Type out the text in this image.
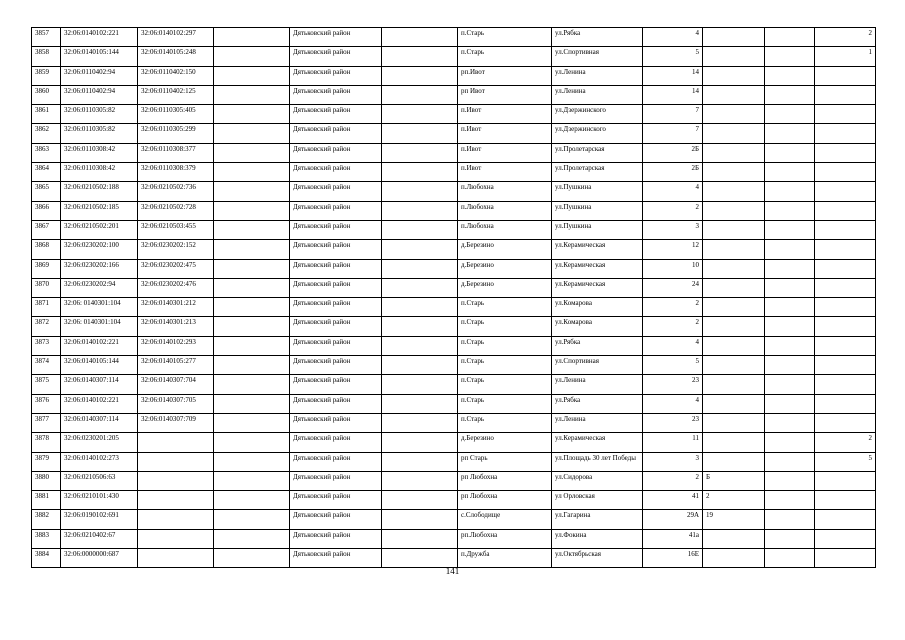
3857	32:06:0140102:221	32:06:0140102:297		Дятьковский район		п.Старь	ул.Рябка	4			2
3858	32:06:0140105:144	32:06:0140105:248		Дятьковский район		п.Старь	ул.Спортивная	5			1
3859	32:06:0110402:94	32:06:0110402:150		Дятьковский район		рп.Ивот	ул.Ленина	14			
3860	32:06:0110402:94	32:06:0110402:125		Дятьковский район		рп Ивот	ул.Ленина	14			
3861	32:06:0110305:82	32:06:0110305:405		Дятьковский район		п.Ивот	ул.Дзержинского	7			
3862	32:06:0110305:82	32:06:0110305:299		Дятьковский район		п.Ивот	ул.Дзержинского	7			
3863	32:06:0110308:42	32:06:0110308:377		Дятьковский район		п.Ивот	ул.Пролетарская	2Б			
3864	32:06:0110308:42	32:06:0110308:379		Дятьковский район		п.Ивот	ул.Пролетарская	2Б			
3865	32:06:0210502:188	32:06:0210502:736		Дятьковский район		п.Любохна	ул.Пушкина	4			
3866	32:06:0210502:185	32:06:0210502:728		Дятьковский район		п.Любохна	ул.Пушкина	2			
3867	32:06:0210502:201	32:06:0210503:455		Дятьковский район		п.Любохна	ул.Пушкина	3			
3868	32:06:0230202:100	32:06:0230202:152		Дятьковский район		д.Березино	ул.Керамическая	12			
3869	32:06:0230202:166	32:06:0230202:475		Дятьковский район		д.Березино	ул.Керамическая	10			
3870	32:06:0230202:94	32:06:0230202:476		Дятьковский район		д.Березино	ул.Керамическая	24			
3871	32:06: 0140301:104	32:06:0140301:212		Дятьковский район		п.Старь	ул.Комарова	2			
3872	32:06: 0140301:104	32:06:0140301:213		Дятьковский район		п.Старь	ул.Комарова	2			
3873	32:06:0140102:221	32:06:0140102:293		Дятьковский район		п.Старь	ул.Рябка	4			
3874	32:06:0140105:144	32:06:0140105:277		Дятьковский район		п.Старь	ул.Спортивная	5			
3875	32:06:0140307:114	32:06:0140307:704		Дятьковский район		п.Старь	ул.Ленина	23			
3876	32:06:0140102:221	32:06:0140307:705		Дятьковский район		п.Старь	ул.Рябка	4			
3877	32:06:0140307:114	32:06:0140307:709		Дятьковский район		п.Старь	ул.Ленина	23			
3878	32:06:0230201:205			Дятьковский район		д.Березино	ул.Керамическая	11			2
3879	32:06:0140102:273			Дятьковский район		рп Старь	ул.Площадь 30 лет Победы	3			5
3880	32:06:0210506:63			Дятьковский район		рп Любохна	ул.Сидорова	2	Б		
3881	32:06:0210101:430			Дятьковский район		рп Любохна	ул Орловская	41	2		
3882	32:06:0190102:691			Дятьковский район		с.Слободище	ул.Гагарина	29А	19		
3883	32:06:0210402:67			Дятьковский район		рп.Любохна	ул.Фокина	41а			
3884	32:06:0000000:687			Дятьковский район		п.Дружба	ул.Октябрьская	16Е			
141
